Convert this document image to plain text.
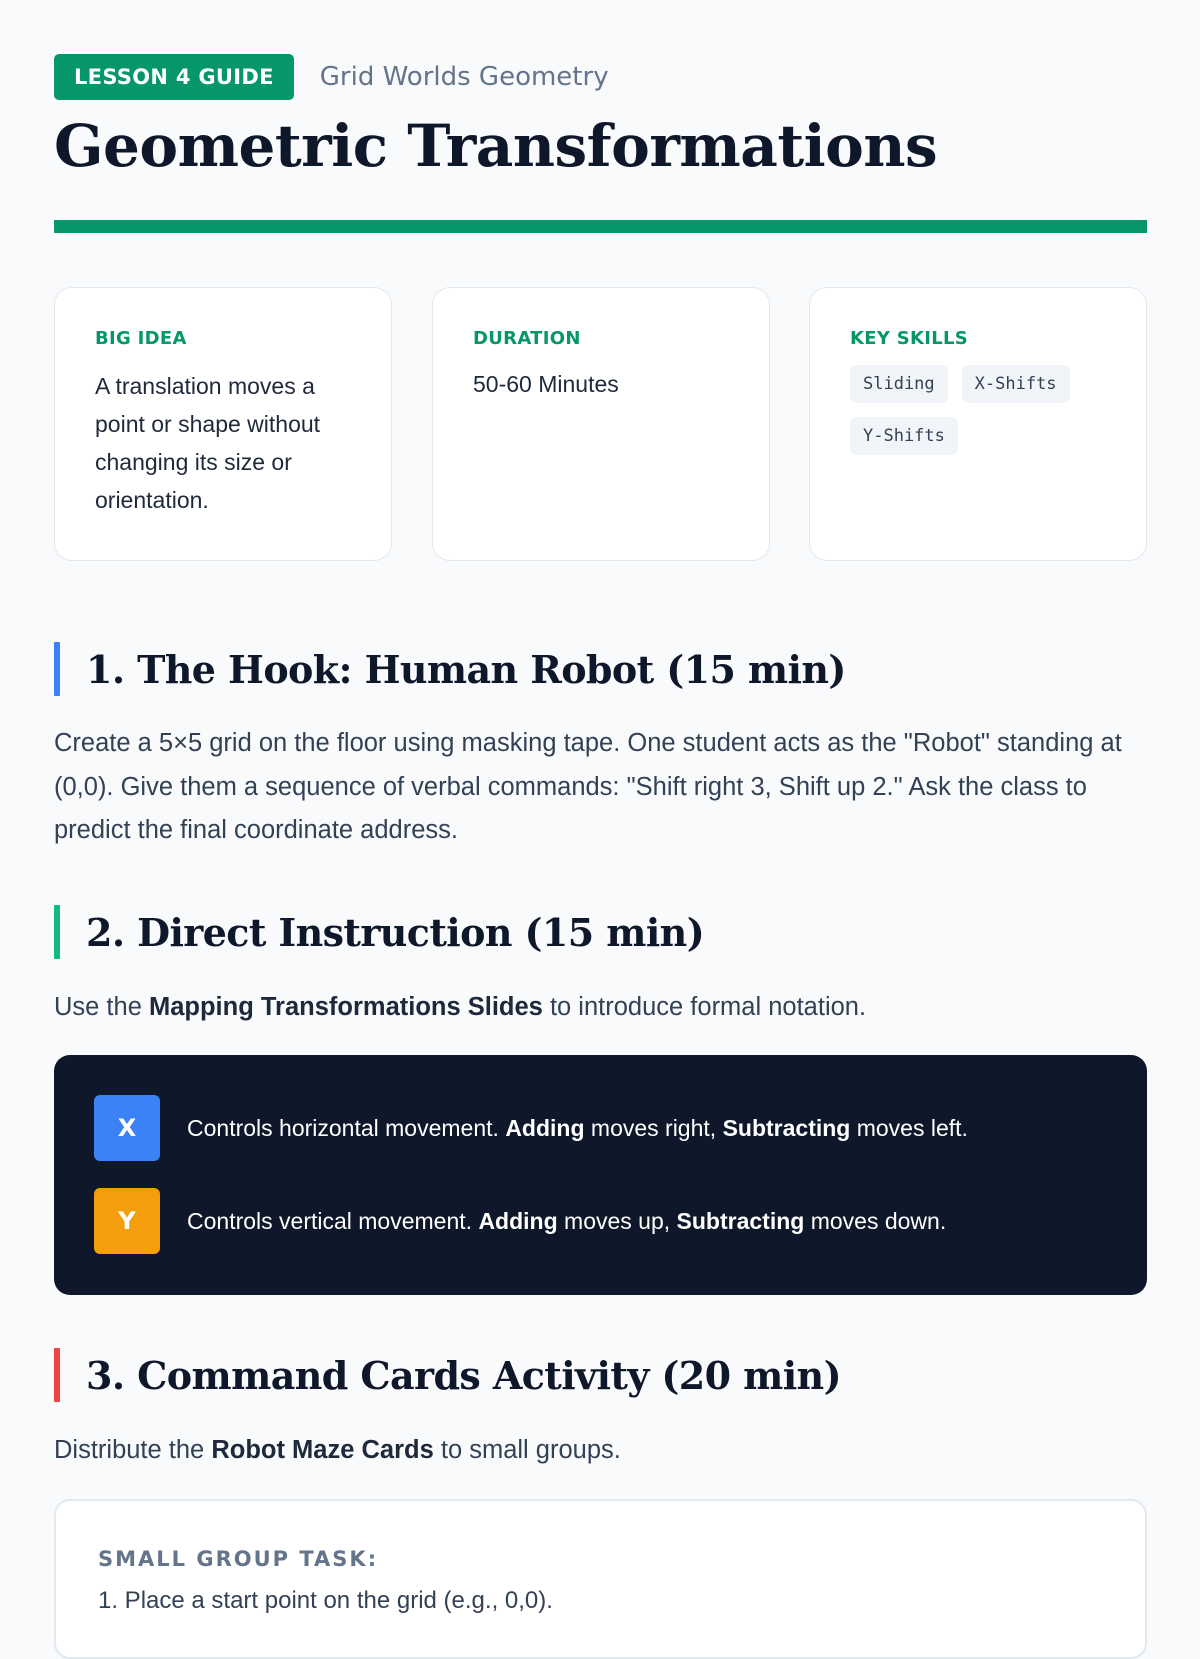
LESSON 4 GUIDE	Grid Worlds Geometry
Geometric Transformations
BIG IDEA
A translation moves a point or shape without changing its size or orientation.
DURATION
50-60 Minutes
KEY SKILLS
Sliding	X-Shifts
Y-Shifts
1. The Hook: Human Robot (15 min)

Create a 5×5 grid on the floor using masking tape. One student acts as the "Robot" standing at (0,0). Give them a sequence of verbal commands: "Shift right 3, Shift up 2." Ask the class to predict the final coordinate address.

2. Direct Instruction (15 min)

Use the Mapping Transformations Slides to introduce formal notation.

X	Controls horizontal movement. Adding moves right, Subtracting moves left.
Y	Controls vertical movement. Adding moves up, Subtracting moves down.
3. Command Cards Activity (20 min)

Distribute the Robot Maze Cards to small groups.

SMALL GROUP TASK:
1. Place a start point on the grid (e.g., 0,0).
